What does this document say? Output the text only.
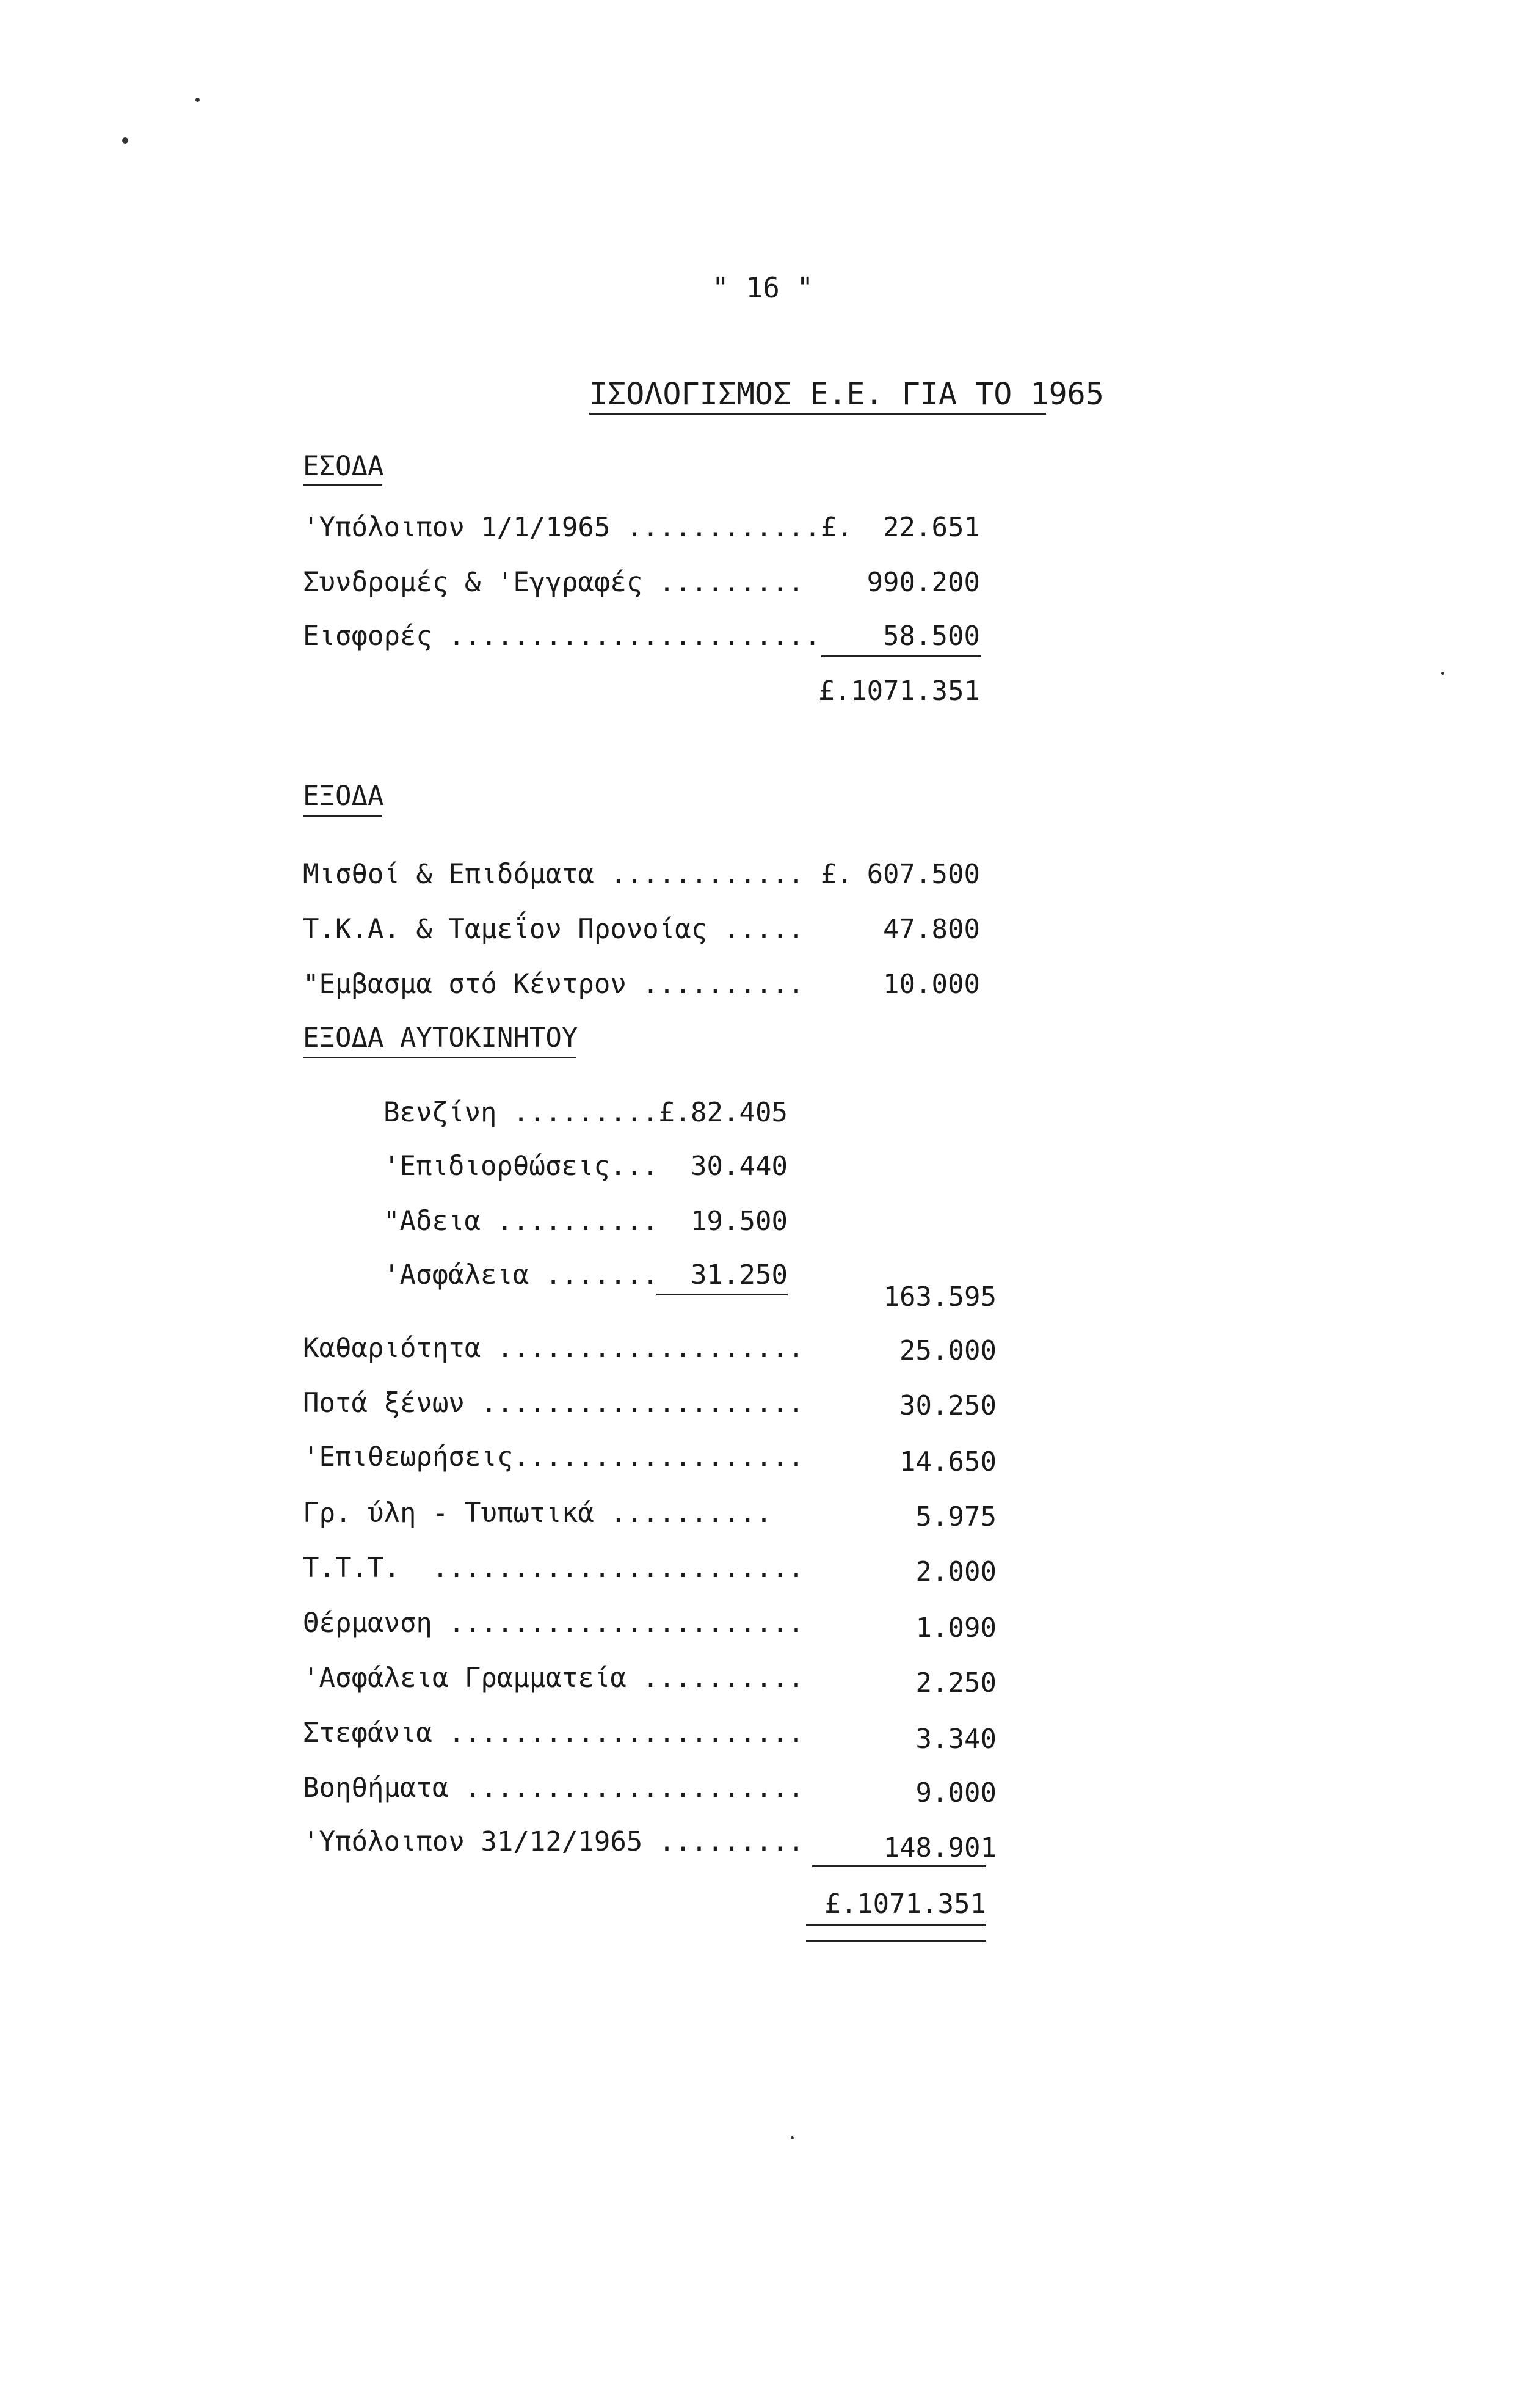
" 16 "
ΙΣΟΛΟΓΙΣΜΟΣ Ε.Ε. ΓΙΑ ΤΟ 1965
ΕΣΟΔΑ
'Υπόλοιπον 1/1/1965 ............£.	22.651
Συνδρομές & 'Εγγραφές ......... 990.200
Εισφορές .......................	58.500
£.1071.351
ΕΞΟΔΑ
Μισθοί & Επιδόματα ............ £. 607.500
Τ.Κ.Α. & Ταμεΐον Προνοίας .....	47.800
"Εμβασμα στό Κέντρον ..........	10.000
ΕΞΟΔΑ ΑΥΤΟΚΙΝΗΤΟΥ
Βενζίνη .........£. 82.405
'Επιδιορθώσεις...	30.440
"Αδεια ..........	19.500
'Ασφάλεια .......	31.250
163.595
Καθαριότητα ...................	25.000
Ποτά ξένων ....................	30.250
'Επιθεωρήσεις..................	14.650
Γρ. ύλη - Τυπωτικά ..........	5.975
Τ.Τ.Τ.  .......................	2.000
Θέρμανση ......................	1.090
'Ασφάλεια Γραμματεία ..........	2.250
Στεφάνια ......................	3.340
Βοηθήματα .....................	9.000
'Υπόλοιπον 31/12/1965 .........	148.901
£.1071.351
